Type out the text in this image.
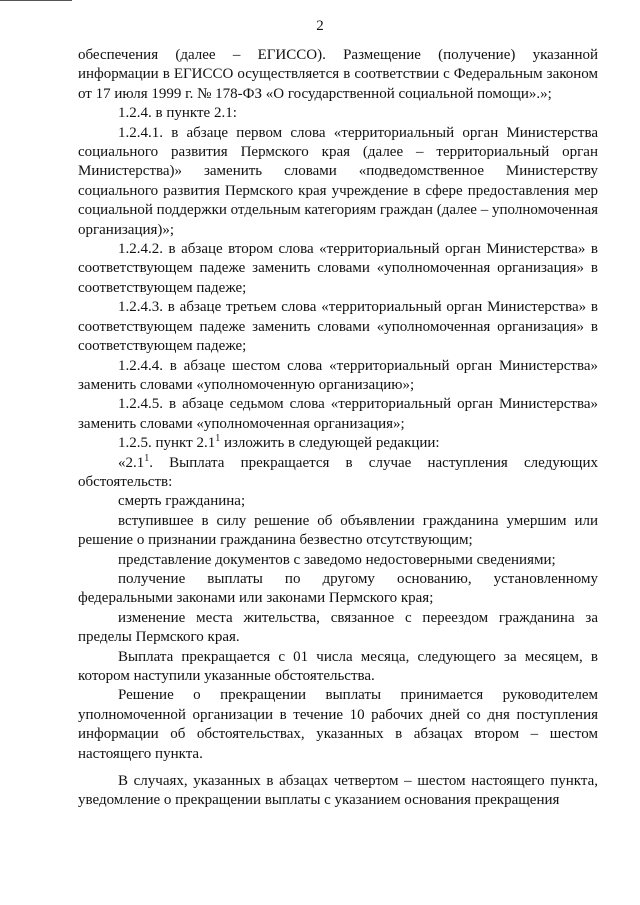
2

обеспечения (далее – ЕГИССО). Размещение (получение) указанной информации в ЕГИССО осуществляется в соответствии с Федеральным законом от 17 июля 1999 г. № 178-ФЗ «О государственной социальной помощи».»;

1.2.4. в пункте 2.1:

1.2.4.1. в абзаце первом слова «территориальный орган Министерства социального развития Пермского края (далее – территориальный орган Министерства)» заменить словами «подведомственное Министерству социального развития Пермского края учреждение в сфере предоставления мер социальной поддержки отдельным категориям граждан (далее – уполномоченная организация)»;

1.2.4.2. в абзаце втором слова «территориальный орган Министерства» в соответствующем падеже заменить словами «уполномоченная организация» в соответствующем падеже;

1.2.4.3. в абзаце третьем слова «территориальный орган Министерства» в соответствующем падеже заменить словами «уполномоченная организация» в соответствующем падеже;

1.2.4.4. в абзаце шестом слова «территориальный орган Министерства» заменить словами «уполномоченную организацию»;

1.2.4.5. в абзаце седьмом слова «территориальный орган Министерства» заменить словами «уполномоченная организация»;

1.2.5. пункт $2.1^1$ изложить в следующей редакции:

«$2.1^1$. Выплата прекращается в случае наступления следующих обстоятельств:

смерть гражданина;

вступившее в силу решение об объявлении гражданина умершим или решение о признании гражданина безвестно отсутствующим;

представление документов с заведомо недостоверными сведениями;

получение выплаты по другому основанию, установленному федеральными законами или законами Пермского края;

изменение места жительства, связанное с переездом гражданина за пределы Пермского края.

Выплата прекращается с 01 числа месяца, следующего за месяцем, в котором наступили указанные обстоятельства.

Решение о прекращении выплаты принимается руководителем уполномоченной организации в течение 10 рабочих дней со дня поступления информации об обстоятельствах, указанных в абзацах втором – шестом настоящего пункта.

В случаях, указанных в абзацах четвертом – шестом настоящего пункта, уведомление о прекращении выплаты с указанием основания прекращения
